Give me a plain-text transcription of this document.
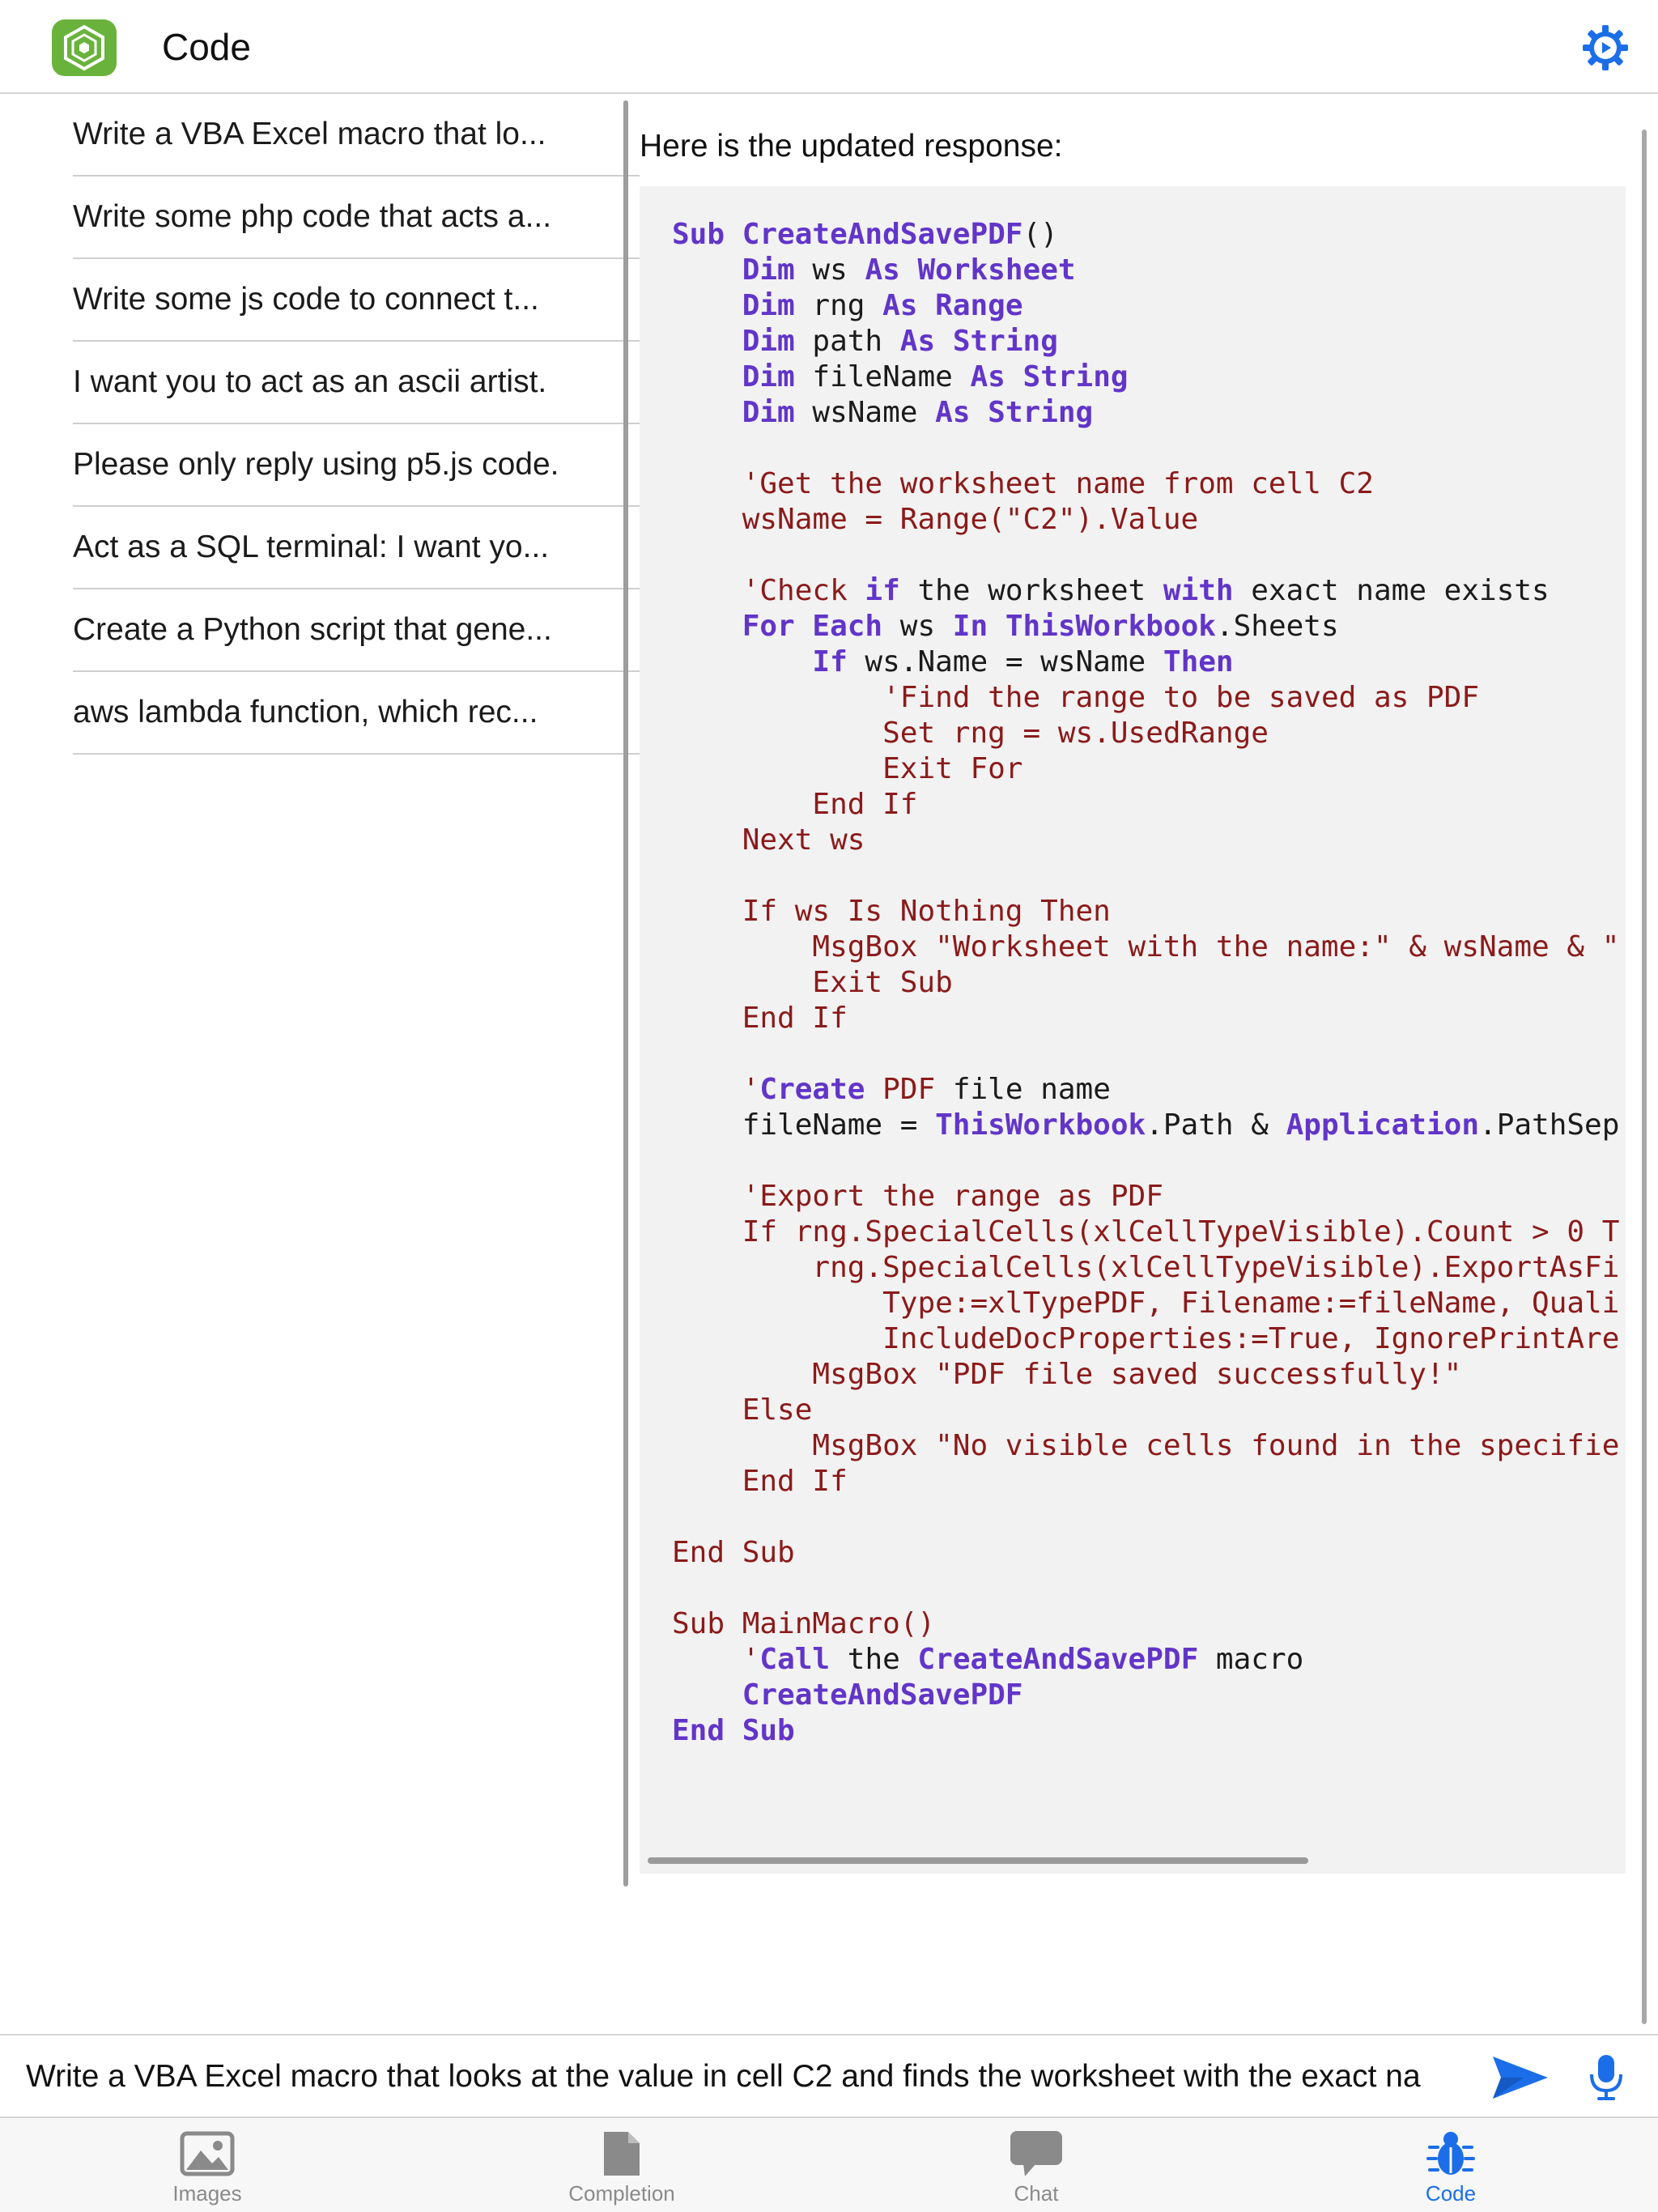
Code
Write a VBA Excel macro that lo...
Write some php code that acts a...
Write some js code to connect t...
I want you to act as an ascii artist.
Please only reply using p5.js code.
Act as a SQL terminal: I want yo...
Create a Python script that gene...
aws lambda function, which rec...

Here is the updated response:

Sub CreateAndSavePDF()
Dim ws As Worksheet
Dim rng As Range
Dim path As String
Dim fileName As String
Dim wsName As String
'Get the worksheet name from cell C2
wsName = Range("C2").Value
'Check if the worksheet with exact name exists
For Each ws In ThisWorkbook.Sheets
If ws.Name = wsName Then
'Find the range to be saved as PDF
Set rng = ws.UsedRange
Exit For
End If
Next ws
If ws Is Nothing Then
MsgBox "Worksheet with the name:" & wsName & "
Exit Sub
End If
'Create PDF file name
fileName = ThisWorkbook.Path & Application.PathSep
'Export the range as PDF
If rng.SpecialCells(xlCellTypeVisible).Count > 0 T
rng.SpecialCells(xlCellTypeVisible).ExportAsFi
Type:=xlTypePDF, Filename:=fileName, Quali
IncludeDocProperties:=True, IgnorePrintAre
MsgBox "PDF file saved successfully!"
Else
MsgBox "No visible cells found in the specifie
End If
End Sub
Sub MainMacro()
'Call the CreateAndSavePDF macro
CreateAndSavePDF
End Sub
Write a VBA Excel macro that looks at the value in cell C2 and finds the worksheet with the exact na
Images	Completion	Chat	Code
